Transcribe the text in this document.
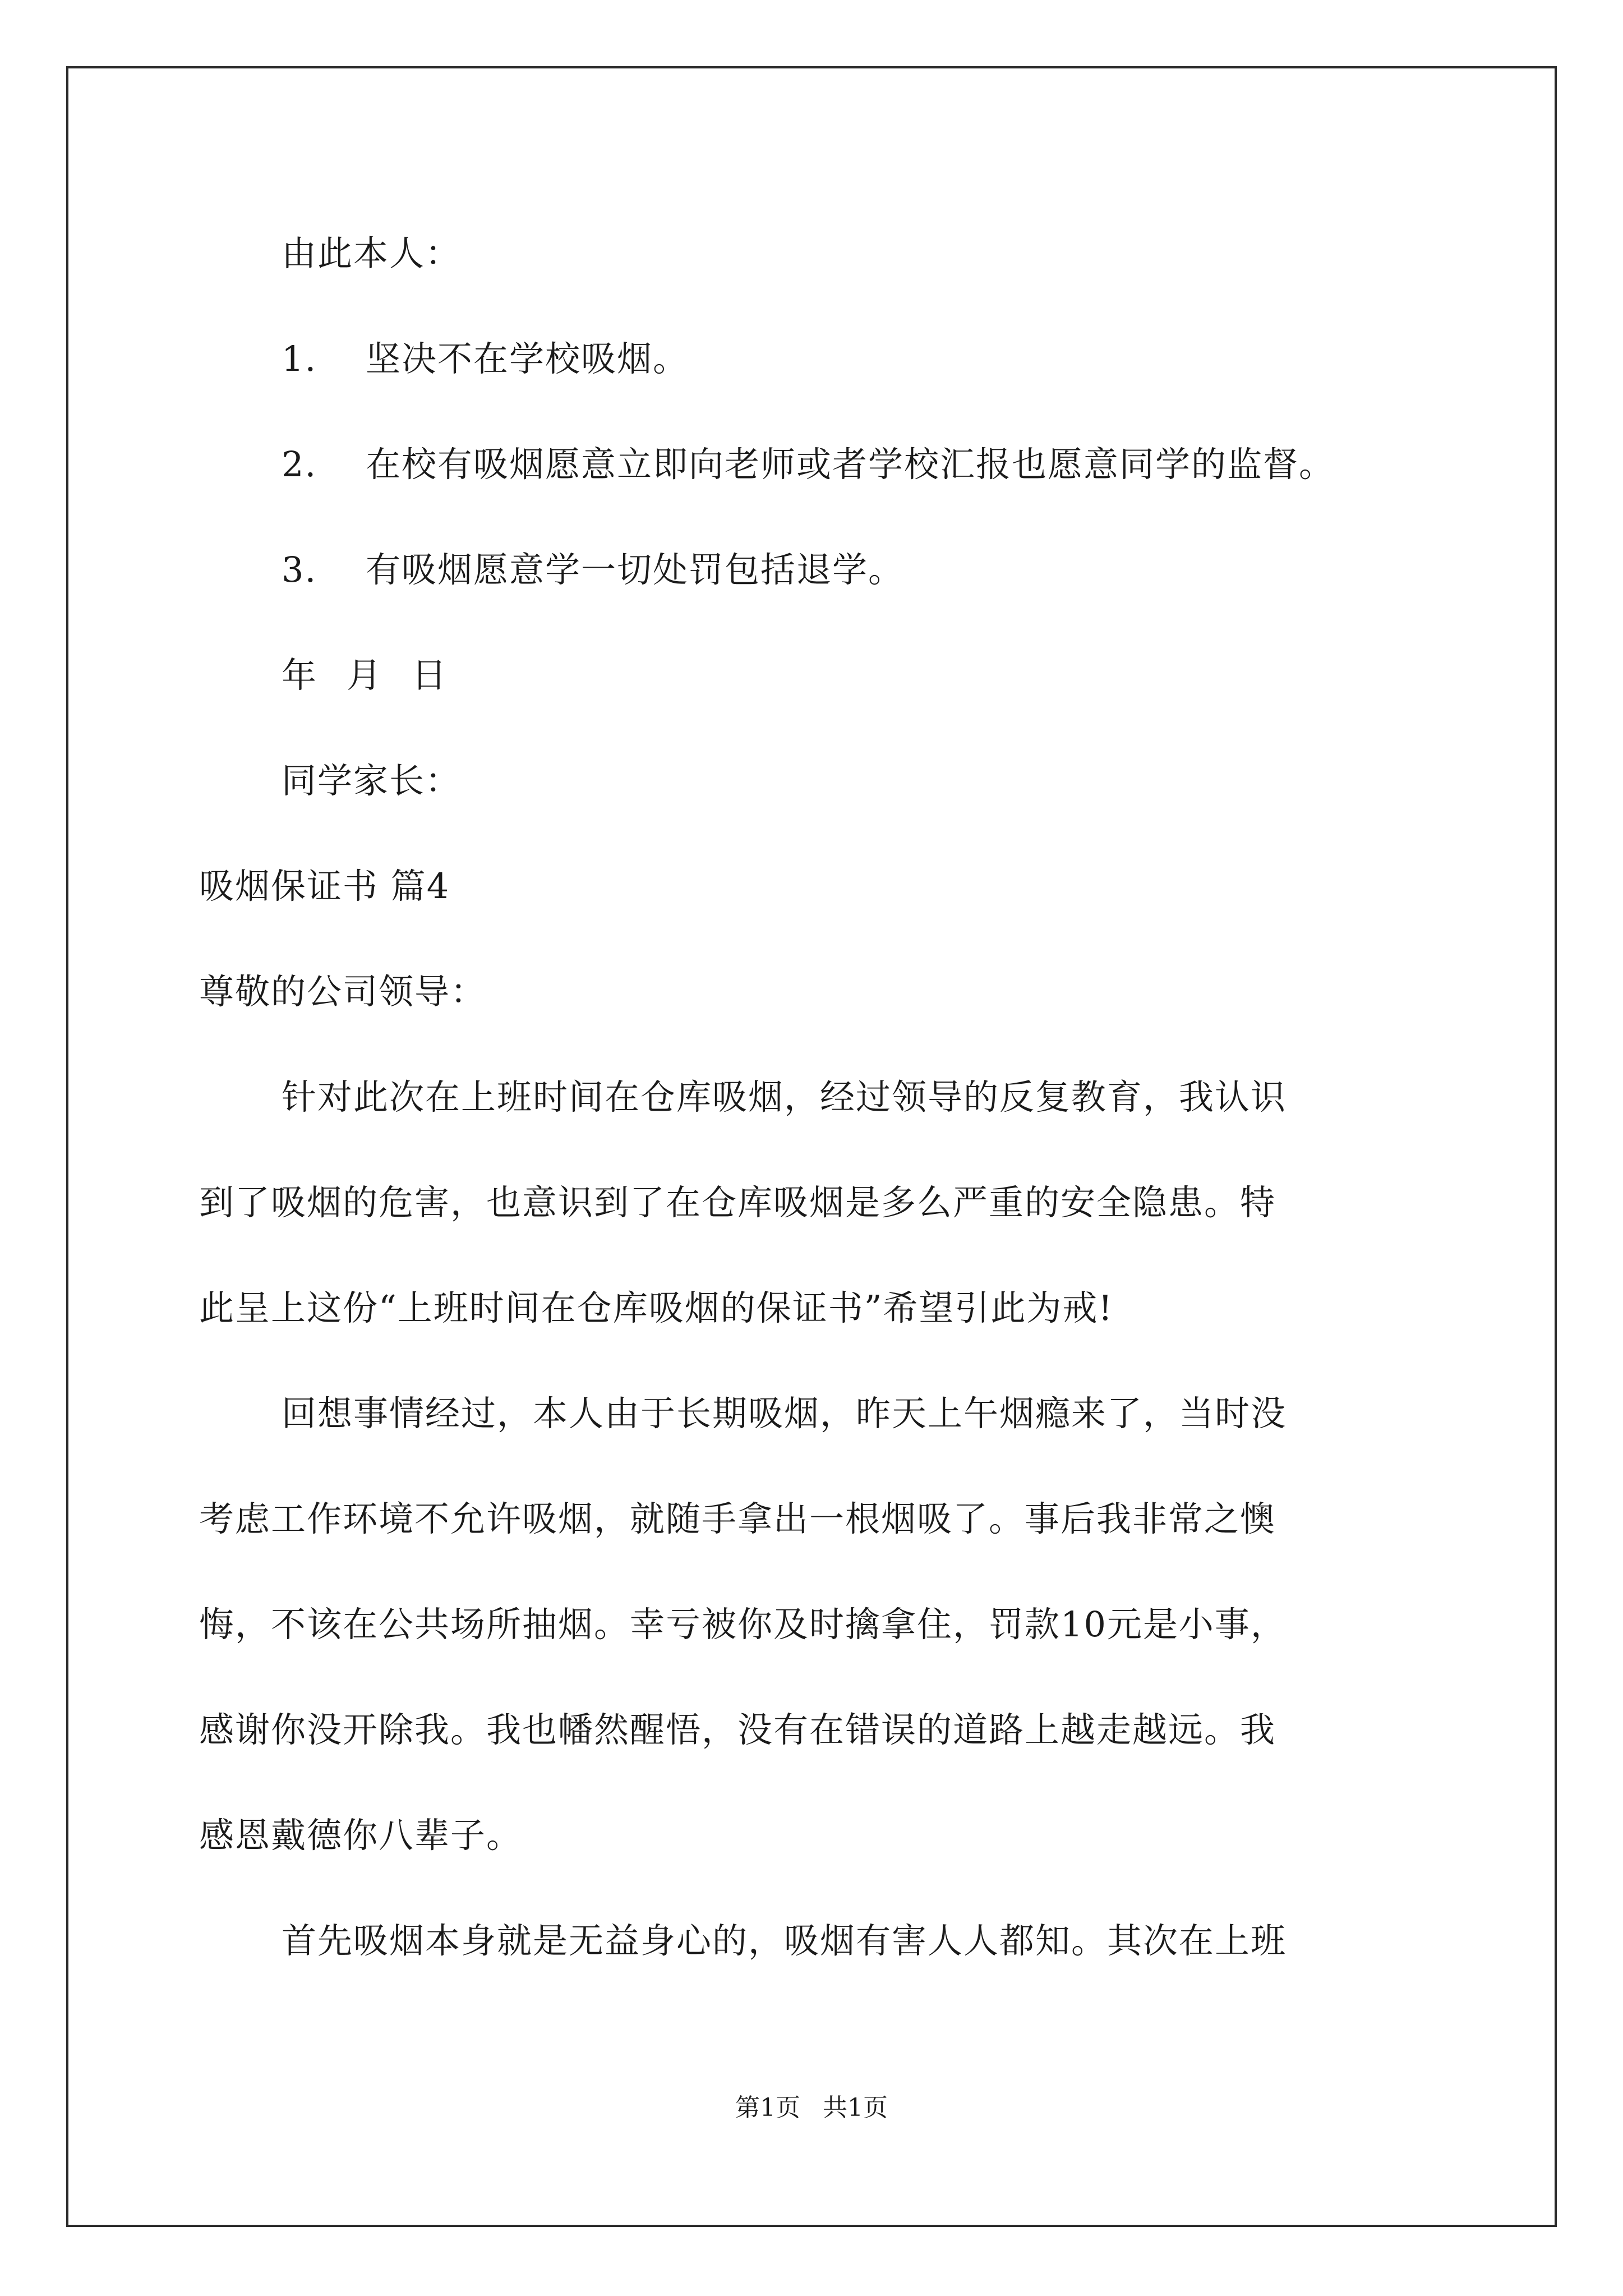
由此本人：
1. 坚决不在学校吸烟。
2. 在校有吸烟愿意立即向老师或者学校汇报也愿意同学的监督。
3. 有吸烟愿意学一切处罚包括退学。
年 月 日
同学家长：
吸烟保证书 篇4
尊敬的公司领导：
针对此次在上班时间在仓库吸烟，经过领导的反复教育，我认识
到了吸烟的危害，也意识到了在仓库吸烟是多么严重的安全隐患。特
此呈上这份“上班时间在仓库吸烟的保证书”希望引此为戒!
回想事情经过，本人由于长期吸烟，昨天上午烟瘾来了，当时没
考虑工作环境不允许吸烟，就随手拿出一根烟吸了。事后我非常之懊
悔，不该在公共场所抽烟。幸亏被你及时擒拿住，罚款10元是小事，
感谢你没开除我。我也幡然醒悟，没有在错误的道路上越走越远。我
感恩戴德你八辈子。
首先吸烟本身就是无益身心的，吸烟有害人人都知。其次在上班
第1页 共1页
